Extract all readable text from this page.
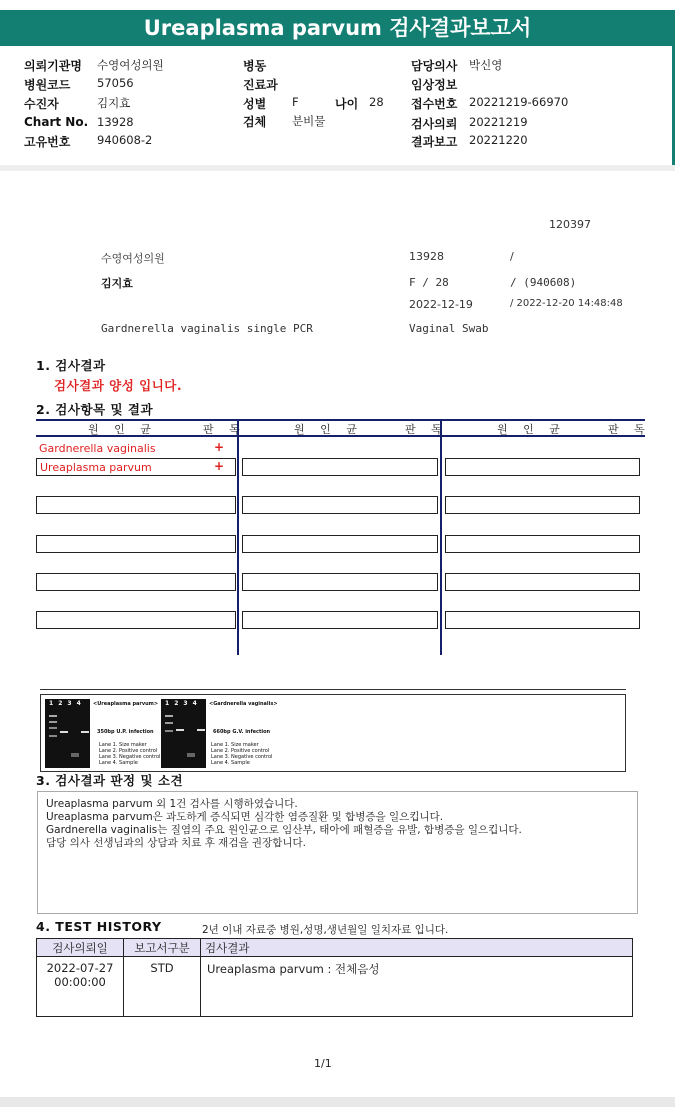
Ureaplasma parvum 검사결과보고서
의뢰기관명 수영여성의원
병원코드 57056
수진자	김지효
Chart No. 13928
고유번호 940608-2
병동
진료과
성별 F	나이 28
검체 분비물
담당의사 박신영
임상정보
접수번호 20221219-66970
검사의뢰 20221219
결과보고 20221220
120397
수영여성의원	13928	/
김지효	F / 28	/ (940608)
2022-12-19	/ 2022-12-20 14:48:48
Gardnerella vaginalis single PCR	Vaginal Swab
1. 검사결과
검사결과 양성 입니다.
2. 검사항목 및 결과
원 인 균	판 독	원 인 균	판 독	원 인 균	판 독
Gardnerella vaginalis	+
Ureaplasma parvum	+
1234 <Ureaplasma parvum>
350bp U.P. infection
Lane 1. Size maker
Lane 2. Positive control
Lane 3. Negative control
Lane 4. Sample
1234 <Gardnerella vaginalis>
660bp G.V. infection
Lane 1. Size maker
Lane 2. Positive control
Lane 3. Negative control
Lane 4. Sample
3. 검사결과 판정 및 소견
Ureaplasma parvum 외 1건 검사를 시행하였습니다.
Ureaplasma parvum은 과도하게 증식되면 심각한 염증질환 및 합병증을 일으킵니다.
Gardnerella vaginalis는 질염의 주요 원인균으로 임산부, 태아에 패혈증을 유발, 합병증을 일으킵니다.
담당 의사 선생님과의 상담과 치료 후 재검을 권장합니다.
4. TEST HISTORY	2년 이내 자료중 병원,성명,생년월일 일치자료 입니다.
검사의뢰일	보고서구분	검사결과

2022-07-27
00:00:00	STD	Ureaplasma parvum : 전체음성
1/1
